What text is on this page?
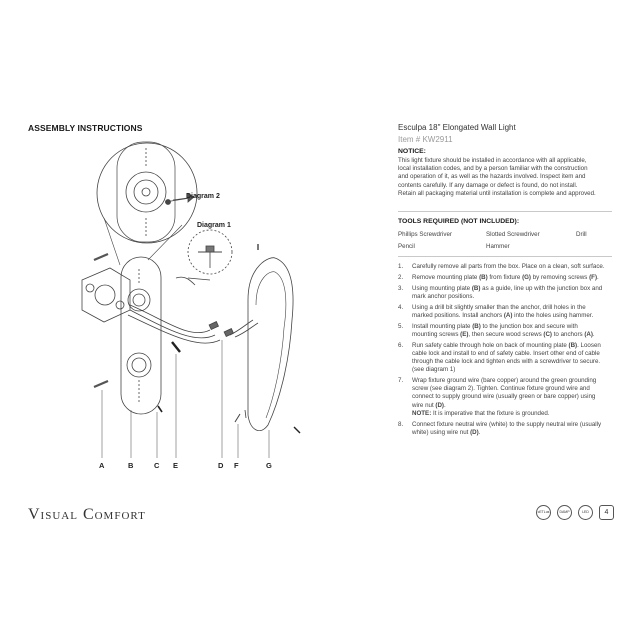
ASSEMBLY INSTRUCTIONS
Diagram 2
Diagram 1
A	B	C E	D F	G
Esculpa 18" Elongated Wall Light
Item # KW2911
NOTICE:
This light fixture should be installed in accordance with all applicable,
local installation codes, and by a person familiar with the construction
and operation of it, as well as the hazards involved. Inspect item and
contents carefully. If any damage or defect is found, do not install.
Retain all packaging material until installation is complete and approved.
TOOLS REQUIRED (NOT INCLUDED):
Phillips Screwdriver	Slotted Screwdriver	Drill
Pencil	Hammer
1. Carefully remove all parts from the box. Place on a clean, soft surface.
2. Remove mounting plate (B) from fixture (G) by removing screws (F).
3. Using mounting plate (B) as a guide, line up with the junction box and
mark anchor positions.
4. Using a drill bit slightly smaller than the anchor, drill holes in the
marked positions. Install anchors (A) into the holes using hammer.
5. Install mounting plate (B) to the junction box and secure with
mounting screws (E), then secure wood screws (C) to anchors (A).
6. Run safety cable through hole on back of mounting plate (B). Loosen
cable lock and install to end of safety cable. Insert other end of cable
through the cable lock and tighten ends with a screwdriver to secure.
(see diagram 1)
7. Wrap fixture ground wire (bare copper) around the green grounding
screw (see diagram 2). Tighten. Continue fixture ground wire and
connect to supply ground wire (usually green or bare copper) using
wire nut (D).
NOTE: It is imperative that the fixture is grounded.
8. Connect fixture neutral wire (white) to the supply neutral wire (usually
white) using wire nut (D).
Visual Comfort	cETLus	DAMP	LED	4
